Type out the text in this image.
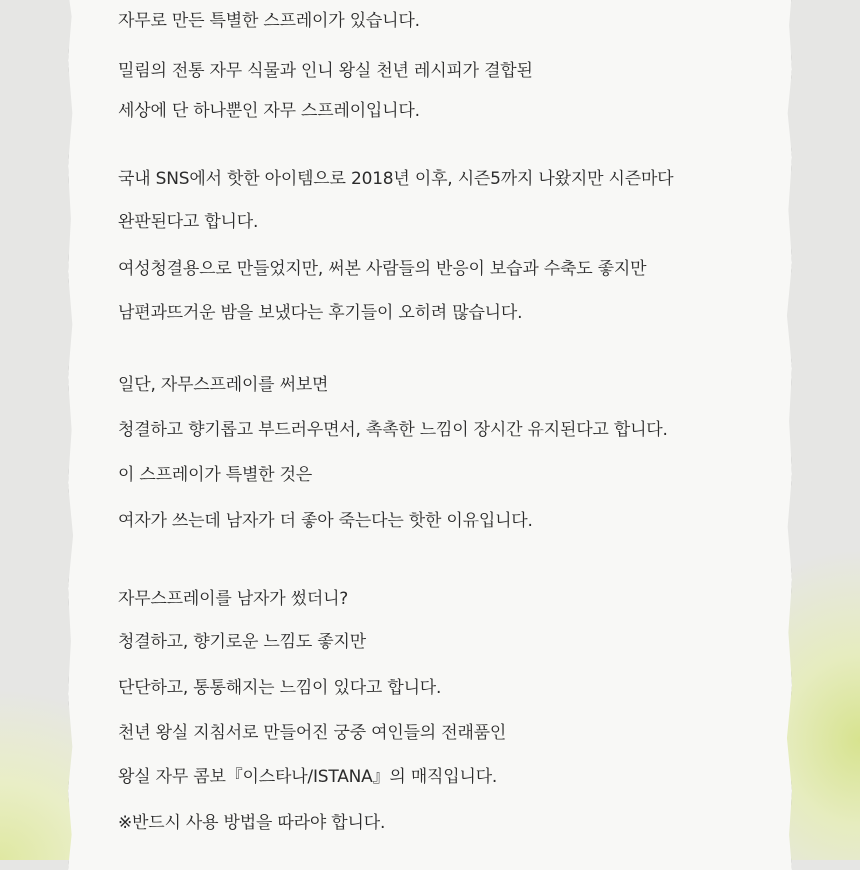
자무로 만든 특별한 스프레이가 있습니다.
밀림의 전통 자무 식물과 인니 왕실 천년 레시피가 결합된
세상에 단 하나뿐인 자무 스프레이입니다.
국내 SNS에서 핫한 아이템으로 2018년 이후, 시즌5까지 나왔지만 시즌마다
완판된다고 합니다.
여성청결용으로 만들었지만, 써본 사람들의 반응이 보습과 수축도 좋지만
남편과뜨거운 밤을 보냈다는 후기들이 오히려 많습니다.
일단, 자무스프레이를 써보면
청결하고 향기롭고 부드러우면서, 촉촉한 느낌이 장시간 유지된다고 합니다.
이 스프레이가 특별한 것은
여자가 쓰는데 남자가 더 좋아 죽는다는 핫한 이유입니다.
자무스프레이를 남자가 썼더니?
청결하고, 향기로운 느낌도 좋지만
단단하고, 통통해지는 느낌이 있다고 합니다.
천년 왕실 지침서로 만들어진 궁중 여인들의 전래품인
왕실 자무 콤보『이스타나/ISTANA』의 매직입니다.
※반드시 사용 방법을 따라야 합니다.
